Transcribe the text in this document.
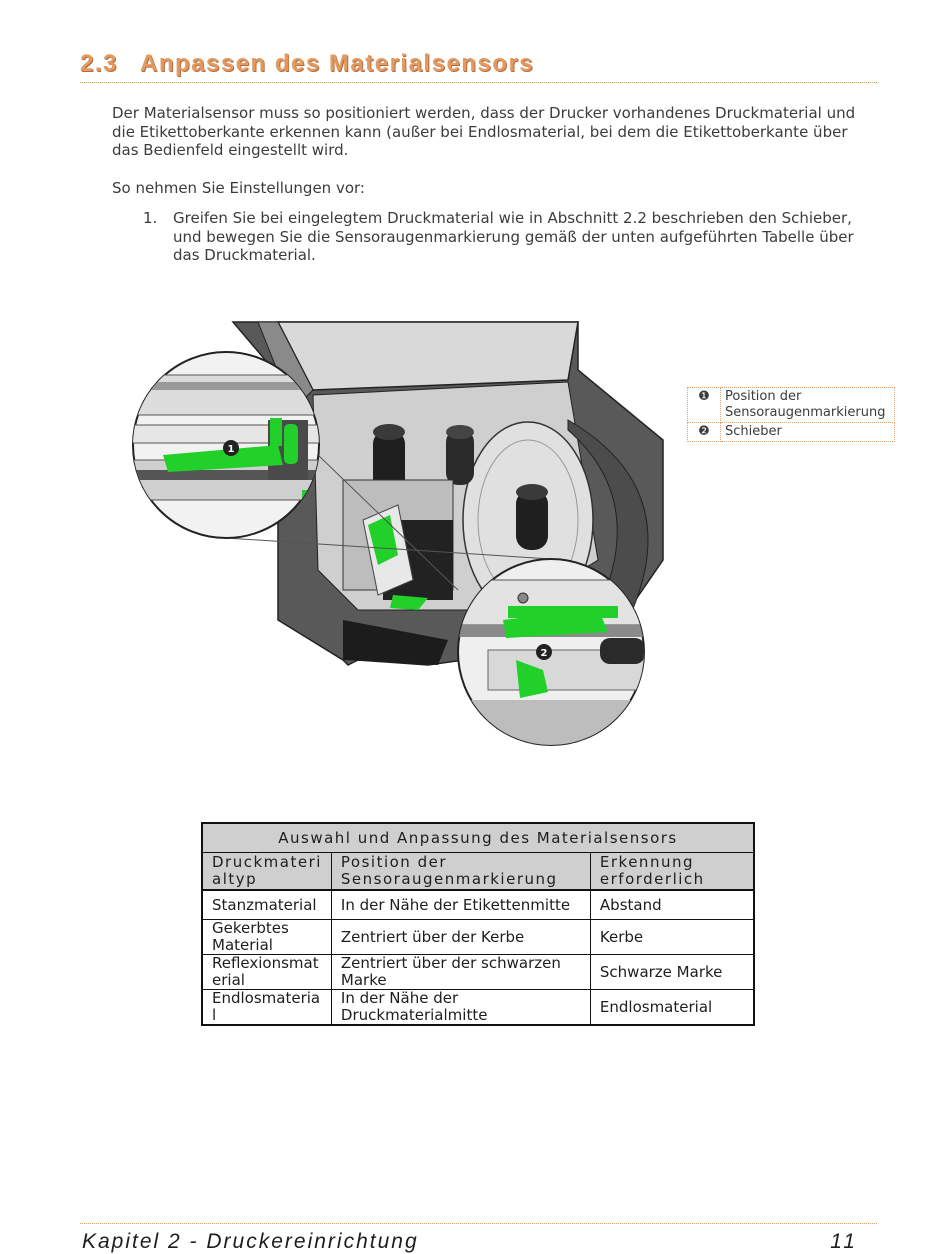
2.3 Anpassen des Materialsensors
Der Materialsensor muss so positioniert werden, dass der Drucker vorhandenes Druckmaterial und die Etikettoberkante erkennen kann (außer bei Endlosmaterial, bei dem die Etikettoberkante über das Bedienfeld eingestellt wird.
So nehmen Sie Einstellungen vor:
1. Greifen Sie bei eingelegtem Druckmaterial wie in Abschnitt 2.2 beschrieben den Schieber, und bewegen Sie die Sensoraugenmarkierung gemäß der unten aufgeführten Tabelle über das Druckmaterial.
1
2
❶	Position der Sensoraugenmarkierung
❷	Schieber
Auswahl und Anpassung des Materialsensors		
Druckmateri altyp	Position der Sensoraugenmarkierung	Erkennung erforderlich
Stanzmaterial	In der Nähe der Etikettenmitte	Abstand
Gekerbtes Material	Zentriert über der Kerbe	Kerbe
Reflexionsmat erial	Zentriert über der schwarzen Marke	Schwarze Marke
Endlosmateria l	In der Nähe der Druckmaterialmitte	Endlosmaterial
Kapitel 2 - Druckereinrichtung	11
